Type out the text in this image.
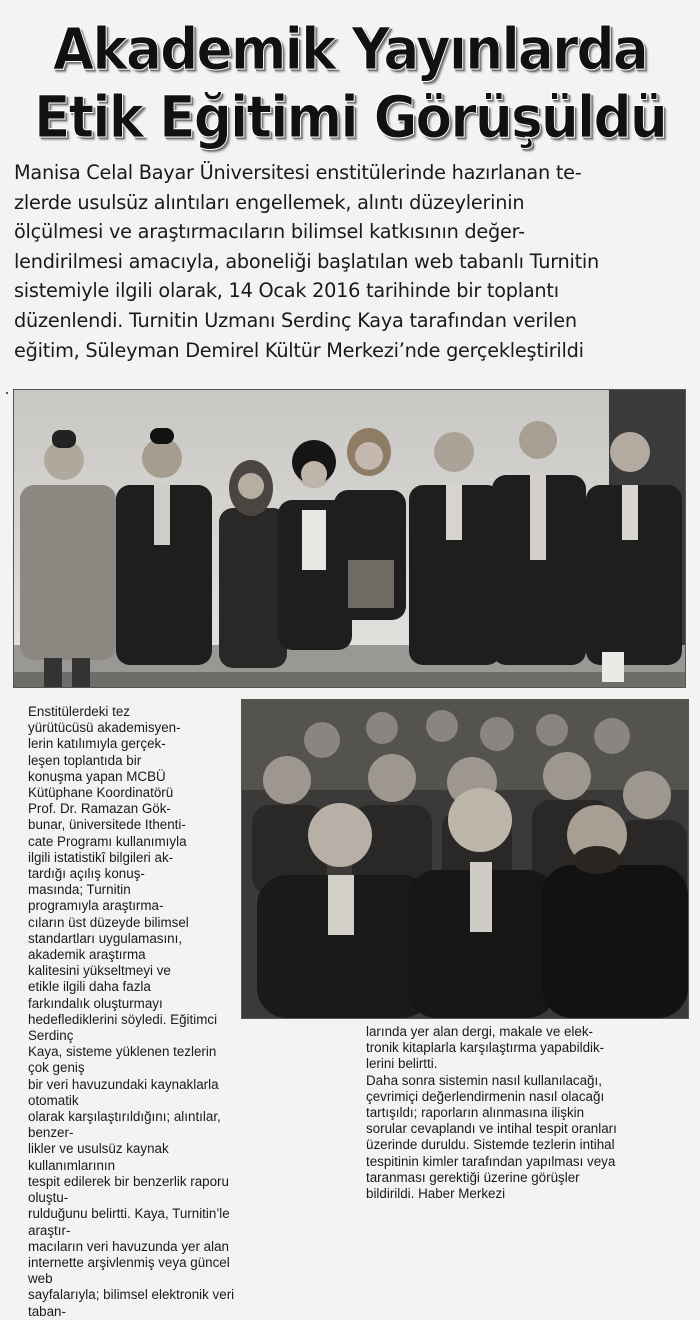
Akademik Yayınlarda
Etik Eğitimi Görüşüldü
Manisa Celal Bayar Üniversitesi enstitülerinde hazırlanan te-
zlerde usulsüz alıntıları engellemek, alıntı düzeylerinin
ölçülmesi ve araştırmacıların bilimsel katkısının değer-
lendirilmesi amacıyla, aboneliği başlatılan web tabanlı Turnitin
sistemiyle ilgili olarak, 14 Ocak 2016 tarihinde bir toplantı
düzenlendi. Turnitin Uzmanı Serdinç Kaya tarafından verilen
eğitim, Süleyman Demirel Kültür Merkezi’nde gerçekleştirildi
Enstitülerdeki tez
yürütücüsü akademisyen-
lerin katılımıyla gerçek-
leşen toplantıda bir
konuşma yapan MCBÜ
Kütüphane Koordinatörü
Prof. Dr. Ramazan Gök-
bunar, üniversitede Ithenti-
cate Programı kullanımıyla
ilgili istatistikî bilgileri ak-
tardığı açılış konuş-
masında; Turnitin
programıyla araştırma-
cıların üst düzeyde bilimsel
standartları uygulamasını,
akademik araştırma
kalitesini yükseltmeyi ve
etikle ilgili daha fazla
farkındalık oluşturmayı
hedeflediklerini söyledi. Eğitimci Serdinç
Kaya, sisteme yüklenen tezlerin çok geniş
bir veri havuzundaki kaynaklarla otomatik
olarak karşılaştırıldığını; alıntılar, benzer-
likler ve usulsüz kaynak kullanımlarının
tespit edilerek bir benzerlik raporu oluştu-
rulduğunu belirtti. Kaya, Turnitin’le araştır-
macıların veri havuzunda yer alan
internette arşivlenmiş veya güncel web
sayfalarıyla; bilimsel elektronik veri taban-
larında yer alan dergi, makale ve elek-
tronik kitaplarla karşılaştırma yapabildik-
lerini belirtti.
Daha sonra sistemin nasıl kullanılacağı,
çevrimiçi değerlendirmenin nasıl olacağı
tartışıldı; raporların alınmasına ilişkin
sorular cevaplandı ve intihal tespit oranları
üzerinde duruldu. Sistemde tezlerin intihal
tespitinin kimler tarafından yapılması veya
taranması gerektiği üzerine görüşler
bildirildi. Haber Merkezi
